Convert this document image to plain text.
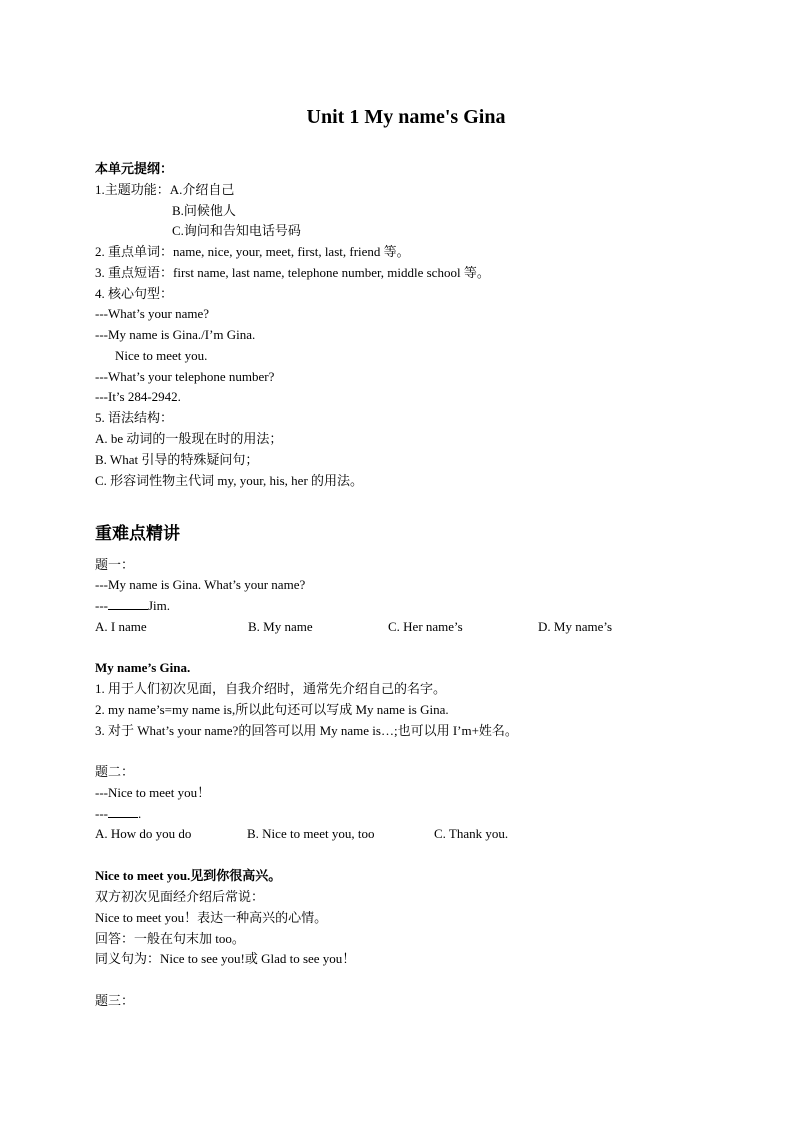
Unit 1 My name's Gina
本单元提纲：
1.主题功能：A.介绍自己
B.问候他人
C.询问和告知电话号码
2. 重点单词：name, nice, your, meet, first, last, friend 等。
3. 重点短语：first name, last name, telephone number, middle school 等。
4. 核心句型：
---What’s your name?
---My name is Gina./I’m Gina.
Nice to meet you.
---What’s your telephone number?
---It’s 284-2942.
5. 语法结构：
A. be 动词的一般现在时的用法；
B. What 引导的特殊疑问句；
C. 形容词性物主代词 my, your, his, her 的用法。
重难点精讲
题一：
---My name is Gina. What’s your name?
---	Jim.
A. I name	B. My name	C. Her name’s	D. My name’s
My name’s Gina.
1. 用于人们初次见面，自我介绍时，通常先介绍自己的名字。
2. my name’s=my name is,所以此句还可以写成 My name is Gina.
3. 对于 What’s your name?的回答可以用 My name is…;也可以用 I’m+姓名。
题二：
---Nice to meet you！
--- .
A. How do you do	B. Nice to meet you, too	C. Thank you.
Nice to meet you.见到你很高兴。
双方初次见面经介绍后常说：
Nice to meet you！表达一种高兴的心情。
回答：一般在句末加 too。
同义句为：Nice to see you!或 Glad to see you！
题三：
